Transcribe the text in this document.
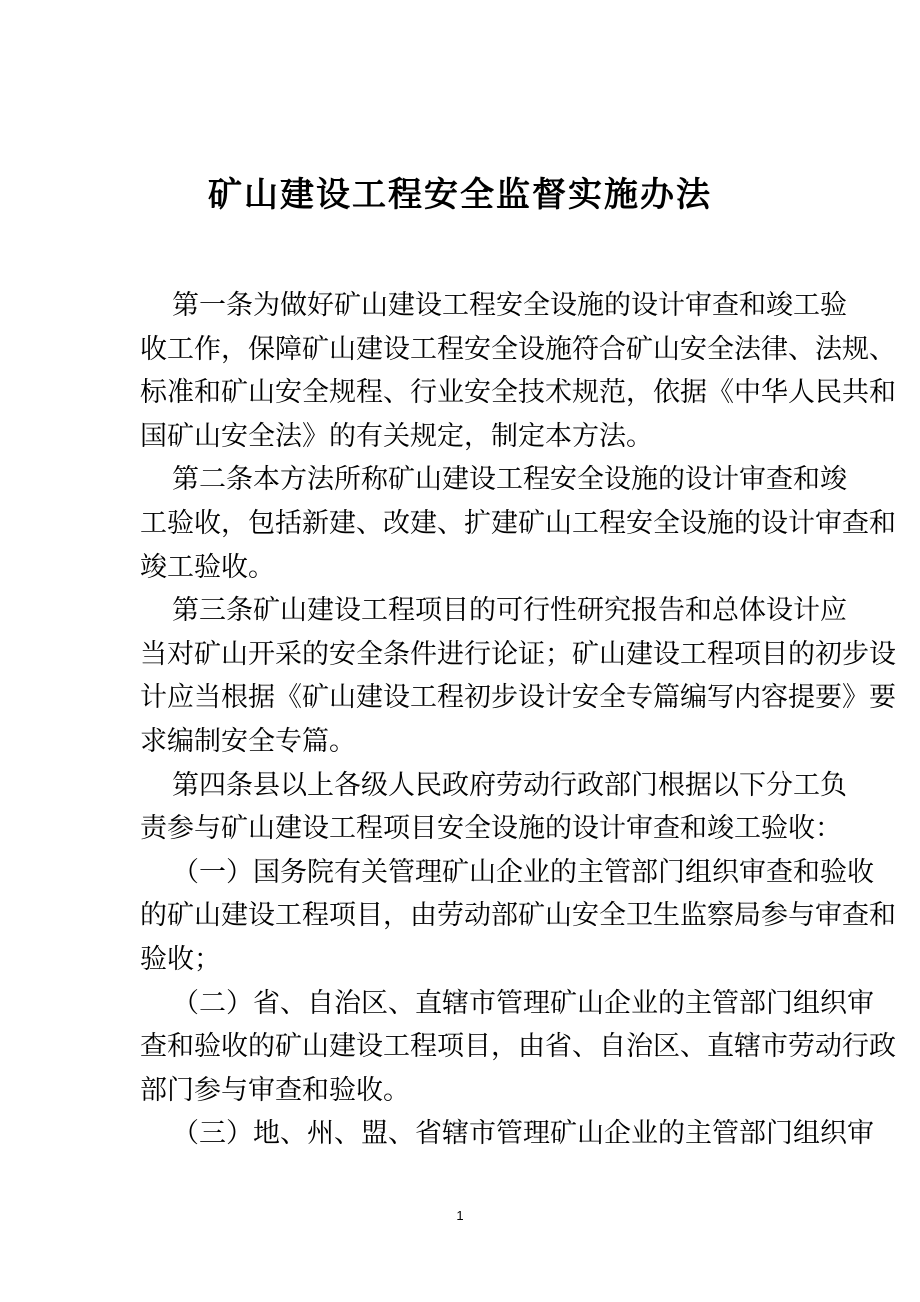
矿山建设工程安全监督实施办法
第一条为做好矿山建设工程安全设施的设计审查和竣工验
收工作，保障矿山建设工程安全设施符合矿山安全法律、法规、
标准和矿山安全规程、行业安全技术规范，依据《中华人民共和
国矿山安全法》的有关规定，制定本方法。
第二条本方法所称矿山建设工程安全设施的设计审查和竣
工验收，包括新建、改建、扩建矿山工程安全设施的设计审查和
竣工验收。
第三条矿山建设工程项目的可行性研究报告和总体设计应
当对矿山开采的安全条件进行论证；矿山建设工程项目的初步设
计应当根据《矿山建设工程初步设计安全专篇编写内容提要》要
求编制安全专篇。
第四条县以上各级人民政府劳动行政部门根据以下分工负
责参与矿山建设工程项目安全设施的设计审查和竣工验收：
（一）国务院有关管理矿山企业的主管部门组织审查和验收
的矿山建设工程项目，由劳动部矿山安全卫生监察局参与审查和
验收；
（二）省、自治区、直辖市管理矿山企业的主管部门组织审
查和验收的矿山建设工程项目，由省、自治区、直辖市劳动行政
部门参与审查和验收。
（三）地、州、盟、省辖市管理矿山企业的主管部门组织审
1
